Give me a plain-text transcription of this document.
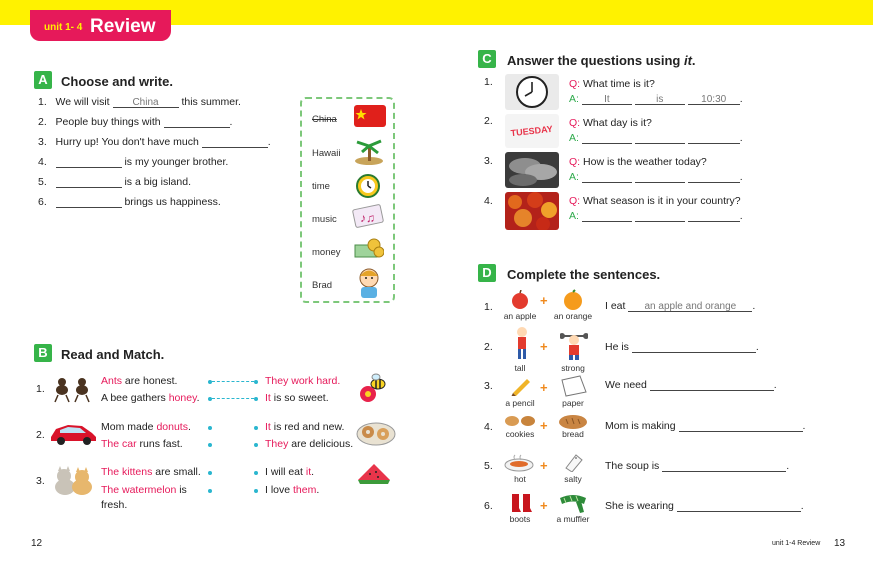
unit 1- 4 Review
A	Choose and write.
1. We will visit China this summer.
2. People buy things with	.
3. Hurry up! You don't have much	.
4.	is my younger brother.
5.	is a big island.
6.	brings us happiness.
China
Hawaii
time
music
money
Brad
♪♫
B	Read and Match.
1.
Ants are honest.
A bee gathers honey.
They work hard.
It is so sweet.
2.
Mom made donuts.
The car runs fast.
It is red and new.
They are delicious.
3.
The kittens are small.
The watermelon is
fresh.
I will eat it.
I love them.
C	Answer the questions using it.
1.	Q: What time is it?
A:	It	is	10:30 .
2.
TUESDAY
Q: What day is it?
A:	.
3.	Q: How is the weather today?
A:	.
4.	Q: What season is it in your country?
A:	.
D	Complete the sentences.
1.	+
an apple	an orange
I eat an apple and orange .
2.	+
tall	strong
He is	.
3.	+
a pencil	paper
We need	.
4.	+
cookies	bread
Mom is making	.
5.	+
hot	salty
The soup is	.
6.	+
boots	a muffler
She is wearing	.
12	unit 1-4 Review 13
